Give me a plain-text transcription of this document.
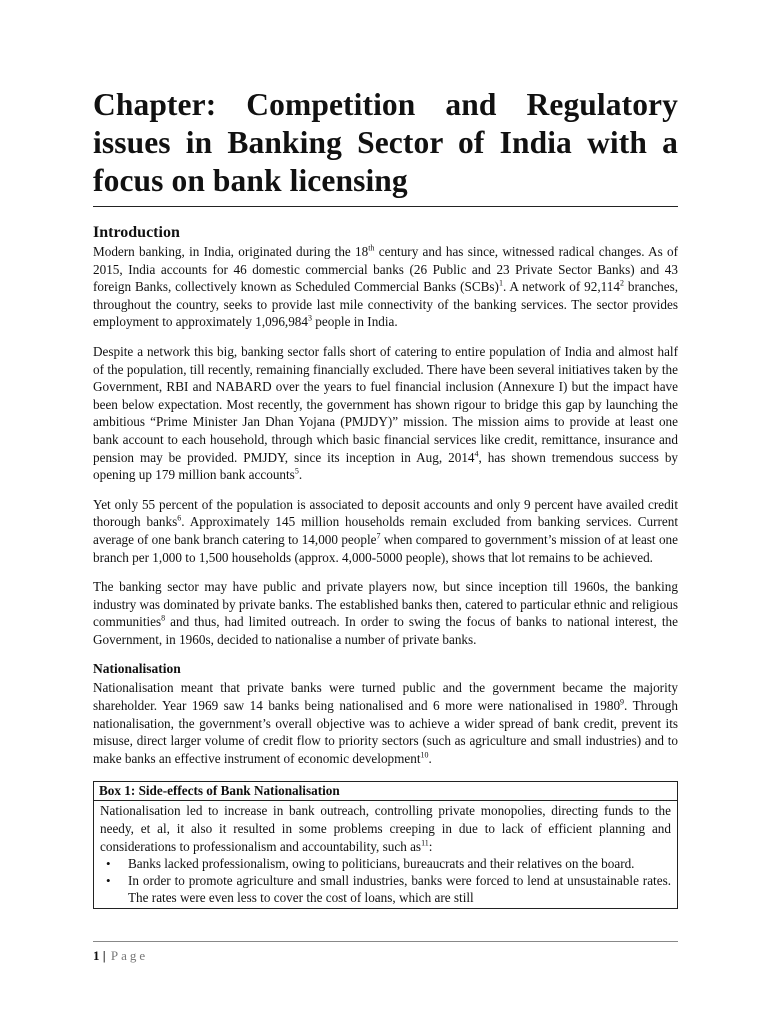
Chapter: Competition and Regulatory issues in Banking Sector of India with a focus on bank licensing
Introduction

Modern banking, in India, originated during the 18th century and has since, witnessed radical changes. As of 2015, India accounts for 46 domestic commercial banks (26 Public and 23 Private Sector Banks) and 43 foreign Banks, collectively known as Scheduled Commercial Banks (SCBs)$^1$. A network of 92,114$^2$ branches, throughout the country, seeks to provide last mile connectivity of the banking services. The sector provides employment to approximately 1,096,984$^3$ people in India.

Despite a network this big, banking sector falls short of catering to entire population of India and almost half of the population, till recently, remaining financially excluded. There have been several initiatives taken by the Government, RBI and NABARD over the years to fuel financial inclusion (Annexure I) but the impact have been below expectation. Most recently, the government has shown rigour to bridge this gap by launching the ambitious “Prime Minister Jan Dhan Yojana (PMJDY)” mission. The mission aims to provide at least one bank account to each household, through which basic financial services like credit, remittance, insurance and pension may be provided. PMJDY, since its inception in Aug, 2014$^4$, has shown tremendous success by opening up 179 million bank accounts$^5$.

Yet only 55 percent of the population is associated to deposit accounts and only 9 percent have availed credit thorough banks$^6$. Approximately 145 million households remain excluded from banking services. Current average of one bank branch catering to 14,000 people$^7$ when compared to government’s mission of at least one branch per 1,000 to 1,500 households (approx. 4,000-5000 people), shows that lot remains to be achieved.

The banking sector may have public and private players now, but since inception till 1960s, the banking industry was dominated by private banks. The established banks then, catered to particular ethnic and religious communities$^8$ and thus, had limited outreach. In order to swing the focus of banks to national interest, the Government, in 1960s, decided to nationalise a number of private banks.

Nationalisation

Nationalisation meant that private banks were turned public and the government became the majority shareholder. Year 1969 saw 14 banks being nationalised and 6 more were nationalised in 1980$^9$. Through nationalisation, the government’s overall objective was to achieve a wider spread of bank credit, prevent its misuse, direct larger volume of credit flow to priority sectors (such as agriculture and small industries) and to make banks an effective instrument of economic development$^{10}$.

Box 1: Side-effects of Bank Nationalisation

Nationalisation led to increase in bank outreach, controlling private monopolies, directing funds to the needy, et al, it also it resulted in some problems creeping in due to lack of efficient planning and considerations to professionalism and accountability, such $as^{11}$:

• Banks lacked professionalism, owing to politicians, bureaucrats and their relatives on the board.
• In order to promote agriculture and small industries, banks were forced to lend at unsustainable rates. The rates were even less to cover the cost of loans, which are still
1 | Page
